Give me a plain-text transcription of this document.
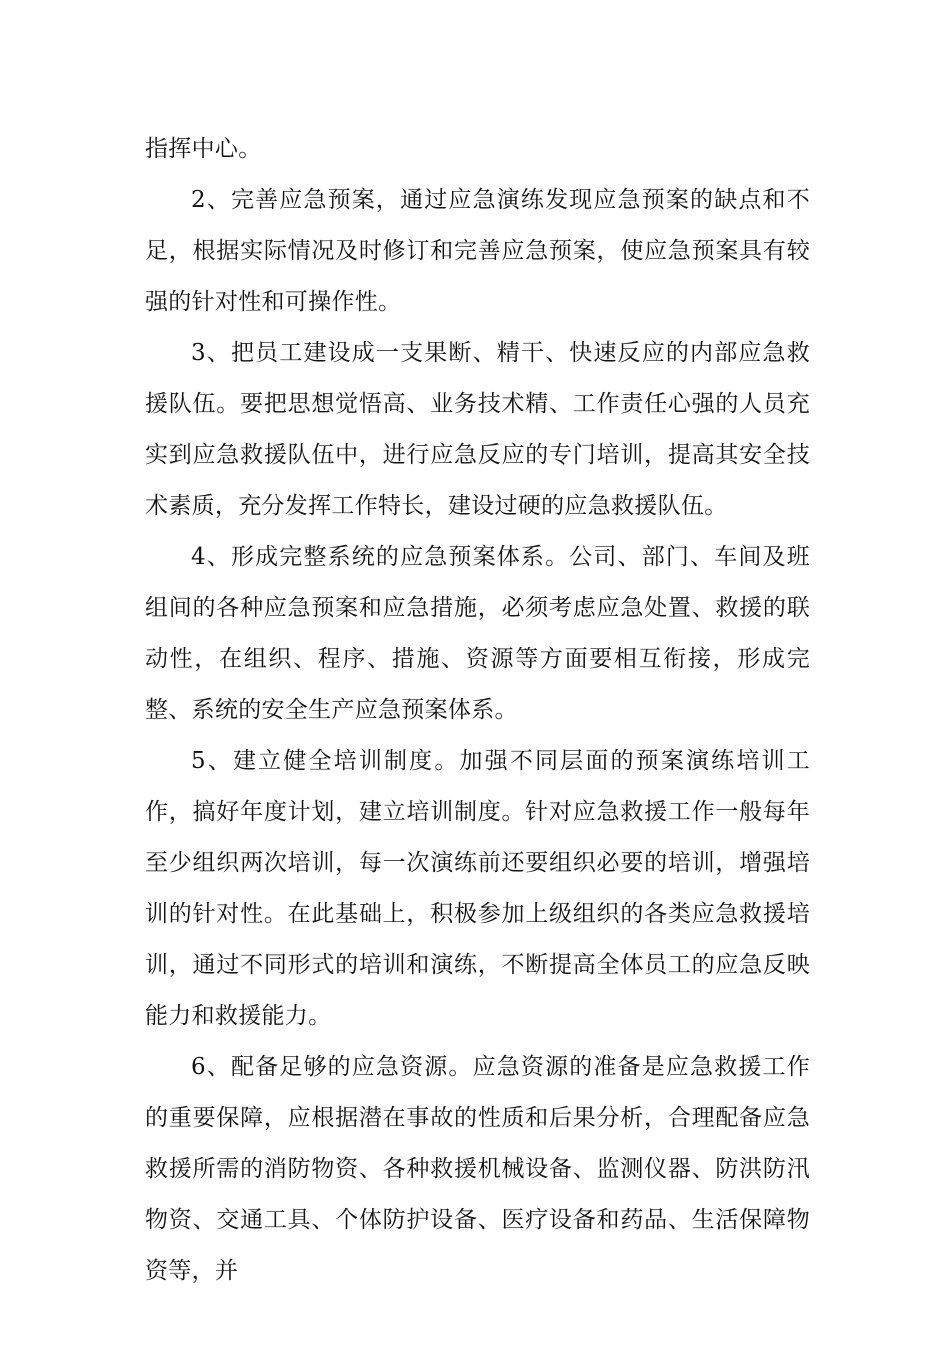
指挥中心。

2、完善应急预案，通过应急演练发现应急预案的缺点和不足，根据实际情况及时修订和完善应急预案，使应急预案具有较强的针对性和可操作性。

3、把员工建设成一支果断、精干、快速反应的内部应急救援队伍。要把思想觉悟高、业务技术精、工作责任心强的人员充实到应急救援队伍中，进行应急反应的专门培训，提高其安全技术素质，充分发挥工作特长，建设过硬的应急救援队伍。

4、形成完整系统的应急预案体系。公司、部门、车间及班组间的各种应急预案和应急措施，必须考虑应急处置、救援的联动性，在组织、程序、措施、资源等方面要相互衔接，形成完整、系统的安全生产应急预案体系。

5、建立健全培训制度。加强不同层面的预案演练培训工作，搞好年度计划，建立培训制度。针对应急救援工作一般每年至少组织两次培训，每一次演练前还要组织必要的培训，增强培训的针对性。在此基础上，积极参加上级组织的各类应急救援培训，通过不同形式的培训和演练，不断提高全体员工的应急反映能力和救援能力。

6、配备足够的应急资源。应急资源的准备是应急救援工作的重要保障，应根据潜在事故的性质和后果分析，合理配备应急救援所需的消防物资、各种救援机械设备、监测仪器、防洪防汛物资、交通工具、个体防护设备、医疗设备和药品、生活保障物资等，并
